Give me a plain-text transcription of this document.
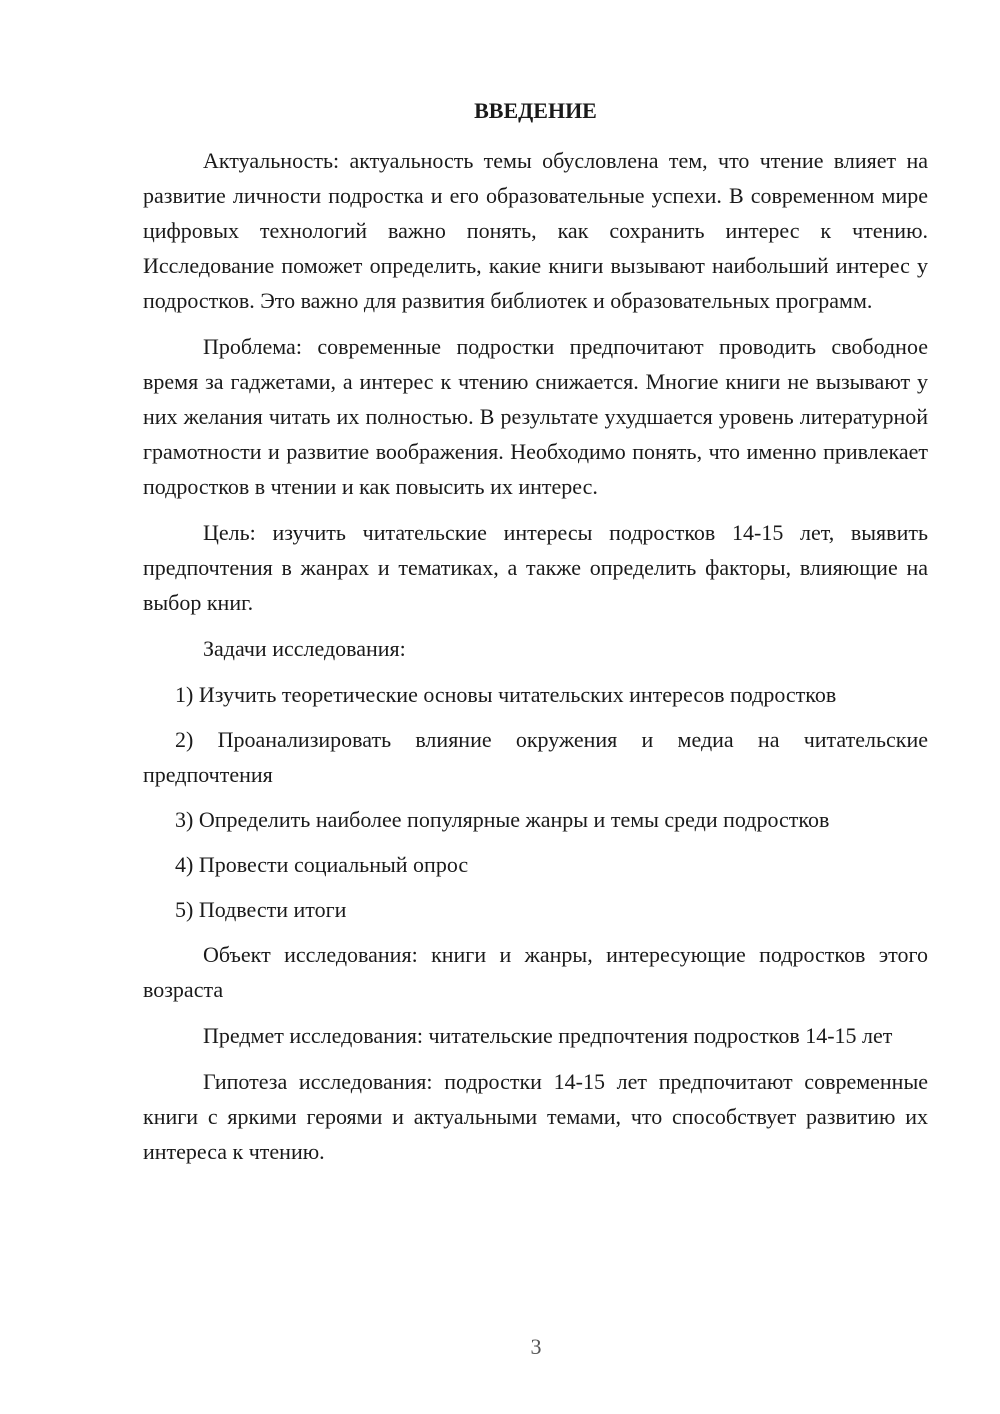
ВВЕДЕНИЕ

Актуальность: актуальность темы обусловлена тем, что чтение влияет на развитие личности подростка и его образовательные успехи. В современном мире цифровых технологий важно понять, как сохранить интерес к чтению. Исследование поможет определить, какие книги вызывают наибольший интерес у подростков. Это важно для развития библиотек и образовательных программ.

Проблема: современные подростки предпочитают проводить свободное время за гаджетами, а интерес к чтению снижается. Многие книги не вызывают у них желания читать их полностью. В результате ухудшается уровень литературной грамотности и развитие воображения. Необходимо понять, что именно привлекает подростков в чтении и как повысить их интерес.

Цель: изучить читательские интересы подростков 14-15 лет, выявить предпочтения в жанрах и тематиках, а также определить факторы, влияющие на выбор книг.

Задачи исследования:

1) Изучить теоретические основы читательских интересов подростков

2) Проанализировать влияние окружения и медиа на читательские предпочтения

3) Определить наиболее популярные жанры и темы среди подростков

4) Провести социальный опрос

5) Подвести итоги

Объект исследования: книги и жанры, интересующие подростков этого возраста

Предмет исследования: читательские предпочтения подростков 14-15 лет

Гипотеза исследования: подростки 14-15 лет предпочитают современные книги с яркими героями и актуальными темами, что способствует развитию их интереса к чтению.

3
